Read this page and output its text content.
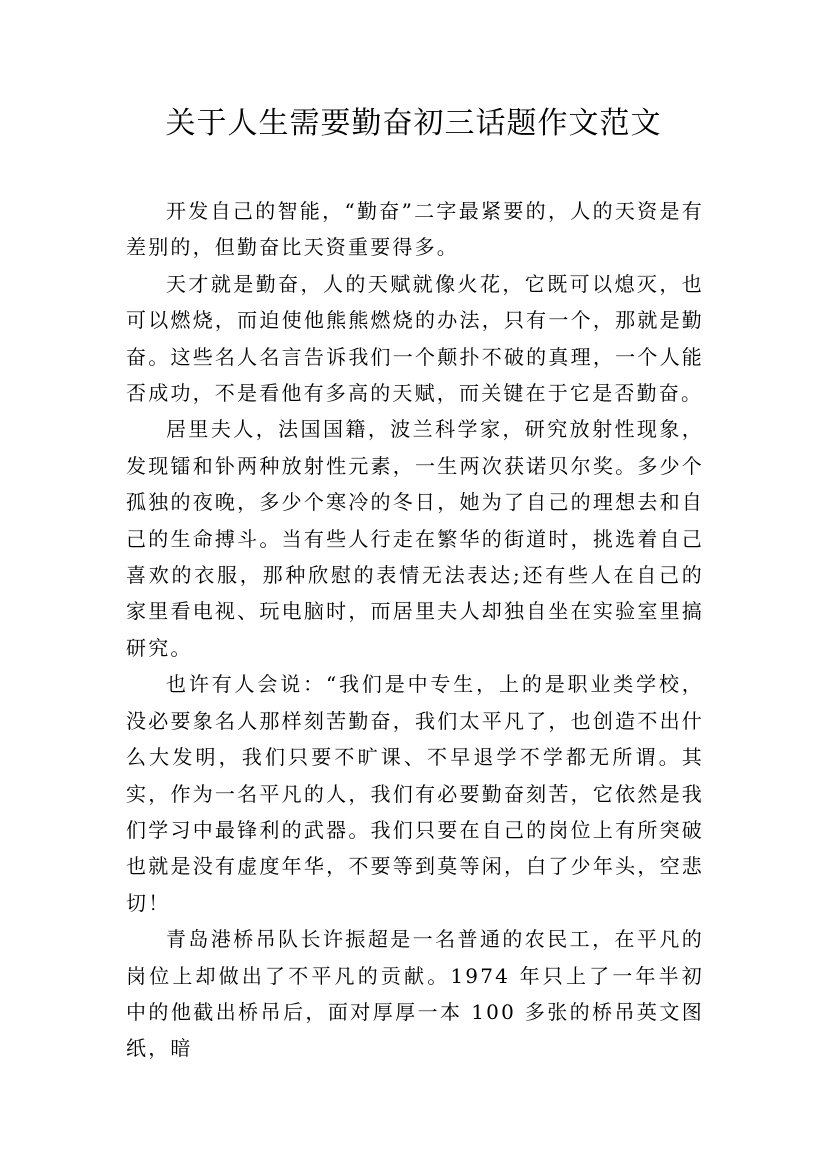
关于人生需要勤奋初三话题作文范文

开发自己的智能，“勤奋”二字最紧要的，人的天资是有差别的，但勤奋比天资重要得多。

天才就是勤奋，人的天赋就像火花，它既可以熄灭，也可以燃烧，而迫使他熊熊燃烧的办法，只有一个，那就是勤奋。这些名人名言告诉我们一个颠扑不破的真理，一个人能否成功，不是看他有多高的天赋，而关键在于它是否勤奋。

居里夫人，法国国籍，波兰科学家，研究放射性现象，发现镭和钋两种放射性元素，一生两次获诺贝尔奖。多少个孤独的夜晚，多少个寒冷的冬日，她为了自己的理想去和自己的生命搏斗。当有些人行走在繁华的街道时，挑选着自己喜欢的衣服，那种欣慰的表情无法表达;还有些人在自己的家里看电视、玩电脑时，而居里夫人却独自坐在实验室里搞研究。

也许有人会说：“我们是中专生，上的是职业类学校，没必要象名人那样刻苦勤奋，我们太平凡了，也创造不出什么大发明，我们只要不旷课、不早退学不学都无所谓。其实，作为一名平凡的人，我们有必要勤奋刻苦，它依然是我们学习中最锋利的武器。我们只要在自己的岗位上有所突破也就是没有虚度年华，不要等到莫等闲，白了少年头，空悲切！

青岛港桥吊队长许振超是一名普通的农民工，在平凡的岗位上却做出了不平凡的贡献。1974 年只上了一年半初中的他截出桥吊后，面对厚厚一本 100 多张的桥吊英文图纸，暗
